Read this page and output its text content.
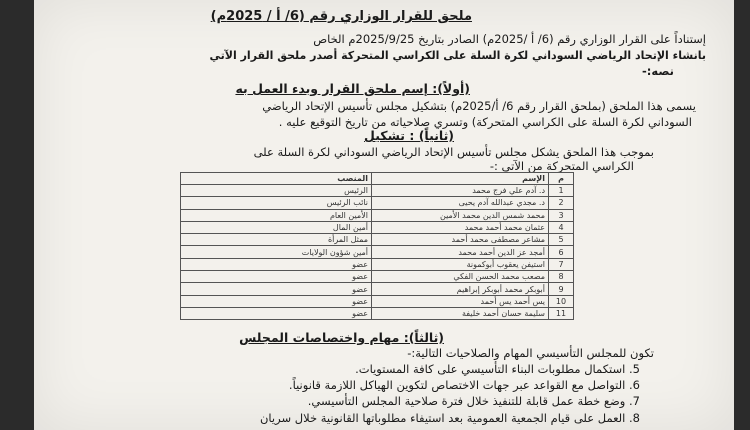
ملحق للقرار الوزاري رقم (6/ أ / 2025م)
إستناداً على القرار الوزاري رقم (6/ أ /2025م) الصادر بتاريخ 2025/9/25م الخاص
بانشاء الإتحاد الرياضي السوداني لكرة السلة على الكراسي المتحركة أصدر ملحق القرار الآتي
نصه:-
(أولاً): إسم ملحق القرار وبدء العمل به
يسمى هذا الملحق (بملحق القرار رقم 6/ أ/2025م) بتشكيل مجلس تأسيس الإتحاد الرياضي
السوداني لكرة السلة على الكراسي المتحركة) وتسري صلاحياته من تاريخ التوقيع عليه .
(ثانياً) : تشكيل
بموجب هذا الملحق يشكل مجلس تأسيس الإتحاد الرياضي السوداني لكرة السلة على
الكراسي المتحركة من الآتي :-
م	الإسم	المنصب
1	د. آدم علي فرج محمد	الرئيس
2	د. مجدي عبدالله آدم يحيى	نائب الرئيس
3	محمد شمس الدين محمد الأمين	الأمين العام
4	عثمان محمد أحمد محمد	أمين المال
5	مشاعر مصطفى محمد أحمد	ممثل المرأة
6	أمجد عز الدين أحمد محمد	أمين شؤون الولايات
7	استيفن يعقوب أبوكمونة	عضو
8	مصعب محمد الحسن الفكي	عضو
9	أبوبكر محمد أبوبكر إبراهيم	عضو
10	يس أحمد يس أحمد	عضو
11	سليمة حسان أحمد خليفة	عضو
(ثالثاً): مهام واختصاصات المجلس
تكون للمجلس التأسيسي المهام والصلاحيات التالية:-
5. استكمال مطلوبات البناء التأسيسي على كافة المستويات.
6. التواصل مع القواعد عبر جهات الاختصاص لتكوين الهياكل اللازمة قانونياً.
7. وضع خطة عمل قابلة للتنفيذ خلال فترة صلاحية المجلس التأسيسي.
8. العمل على قيام الجمعية العمومية بعد استيفاء مطلوباتها القانونية خلال سريان
